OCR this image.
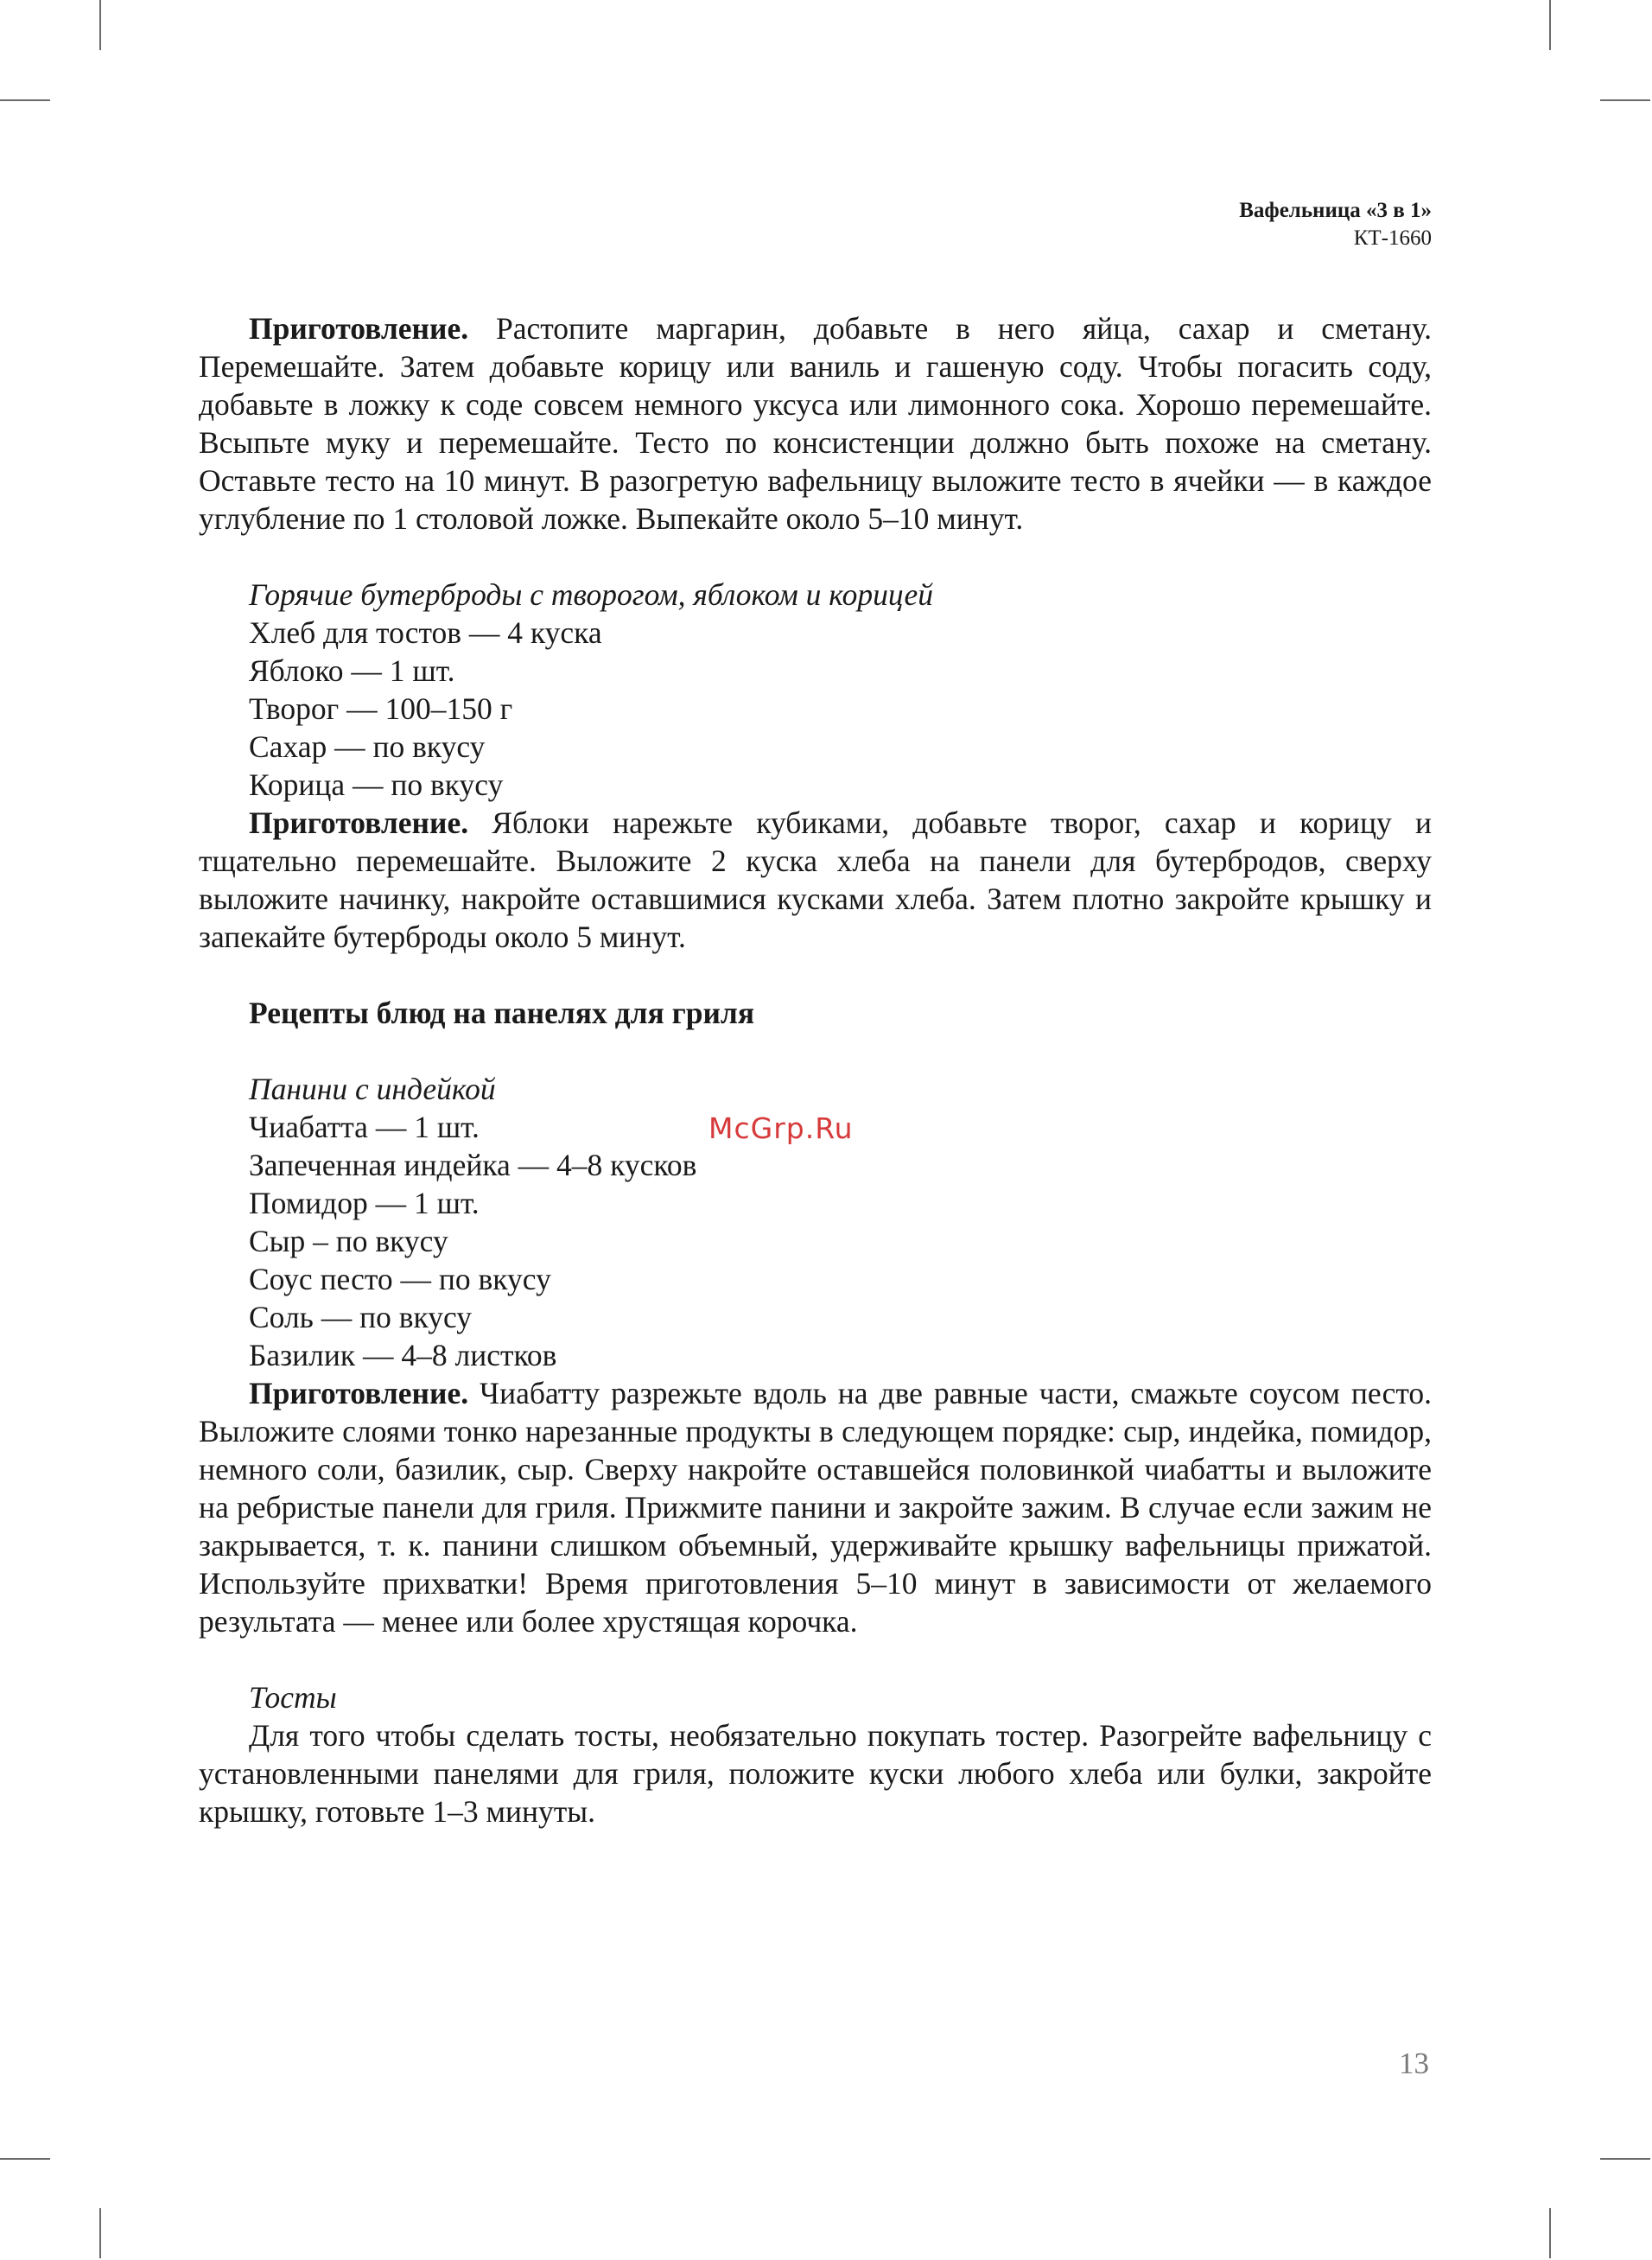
Вафельница «3 в 1»
КТ-1660

Приготовление. Растопите маргарин, добавьте в него яйца, сахар и сметану. Перемешайте. Затем добавьте корицу или ваниль и гашеную соду. Чтобы погасить соду, добавьте в ложку к соде совсем немного уксуса или лимонного сока. Хорошо перемешайте. Всыпьте муку и перемешайте. Тесто по консистенции должно быть похоже на сметану. Оставьте тесто на 10 минут. В разогретую вафельницу выложите тесто в ячейки — в каждое углубление по 1 столовой ложке. Выпекайте около 5–10 минут.

Горячие бутерброды с творогом, яблоком и корицей

Хлеб для тостов — 4 куска

Яблоко — 1 шт.

Творог — 100–150 г

Сахар — по вкусу

Корица — по вкусу

Приготовление. Яблоки нарежьте кубиками, добавьте творог, сахар и корицу и тщательно перемешайте. Выложите 2 куска хлеба на панели для бутербродов, сверху выложите начинку, накройте оставшимися кусками хлеба. Затем плотно закройте крышку и запекайте бутерброды около 5 минут.

Рецепты блюд на панелях для гриля

Панини с индейкой

Чиабатта — 1 шт.

Запеченная индейка — 4–8 кусков

Помидор — 1 шт.

Сыр – по вкусу

Соус песто — по вкусу

Соль — по вкусу

Базилик — 4–8 листков

Приготовление. Чиабатту разрежьте вдоль на две равные части, смажьте соусом песто. Выложите слоями тонко нарезанные продукты в следующем порядке: сыр, индейка, помидор, немного соли, базилик, сыр. Сверху накройте оставшейся половинкой чиабатты и выложите на ребристые панели для гриля. Прижмите панини и закройте зажим. В случае если зажим не закрывается, т. к. панини слишком объемный, удерживайте крышку вафельницы прижатой. Используйте прихватки! Время приготовления 5–10 минут в зависимости от желаемого результата — менее или более хрустящая корочка.

Тосты

Для того чтобы сделать тосты, необязательно покупать тостер. Разогрейте вафельницу с установленными панелями для гриля, положите куски любого хлеба или булки, закройте крышку, готовьте 1–3 минуты.

McGrp.Ru
13
